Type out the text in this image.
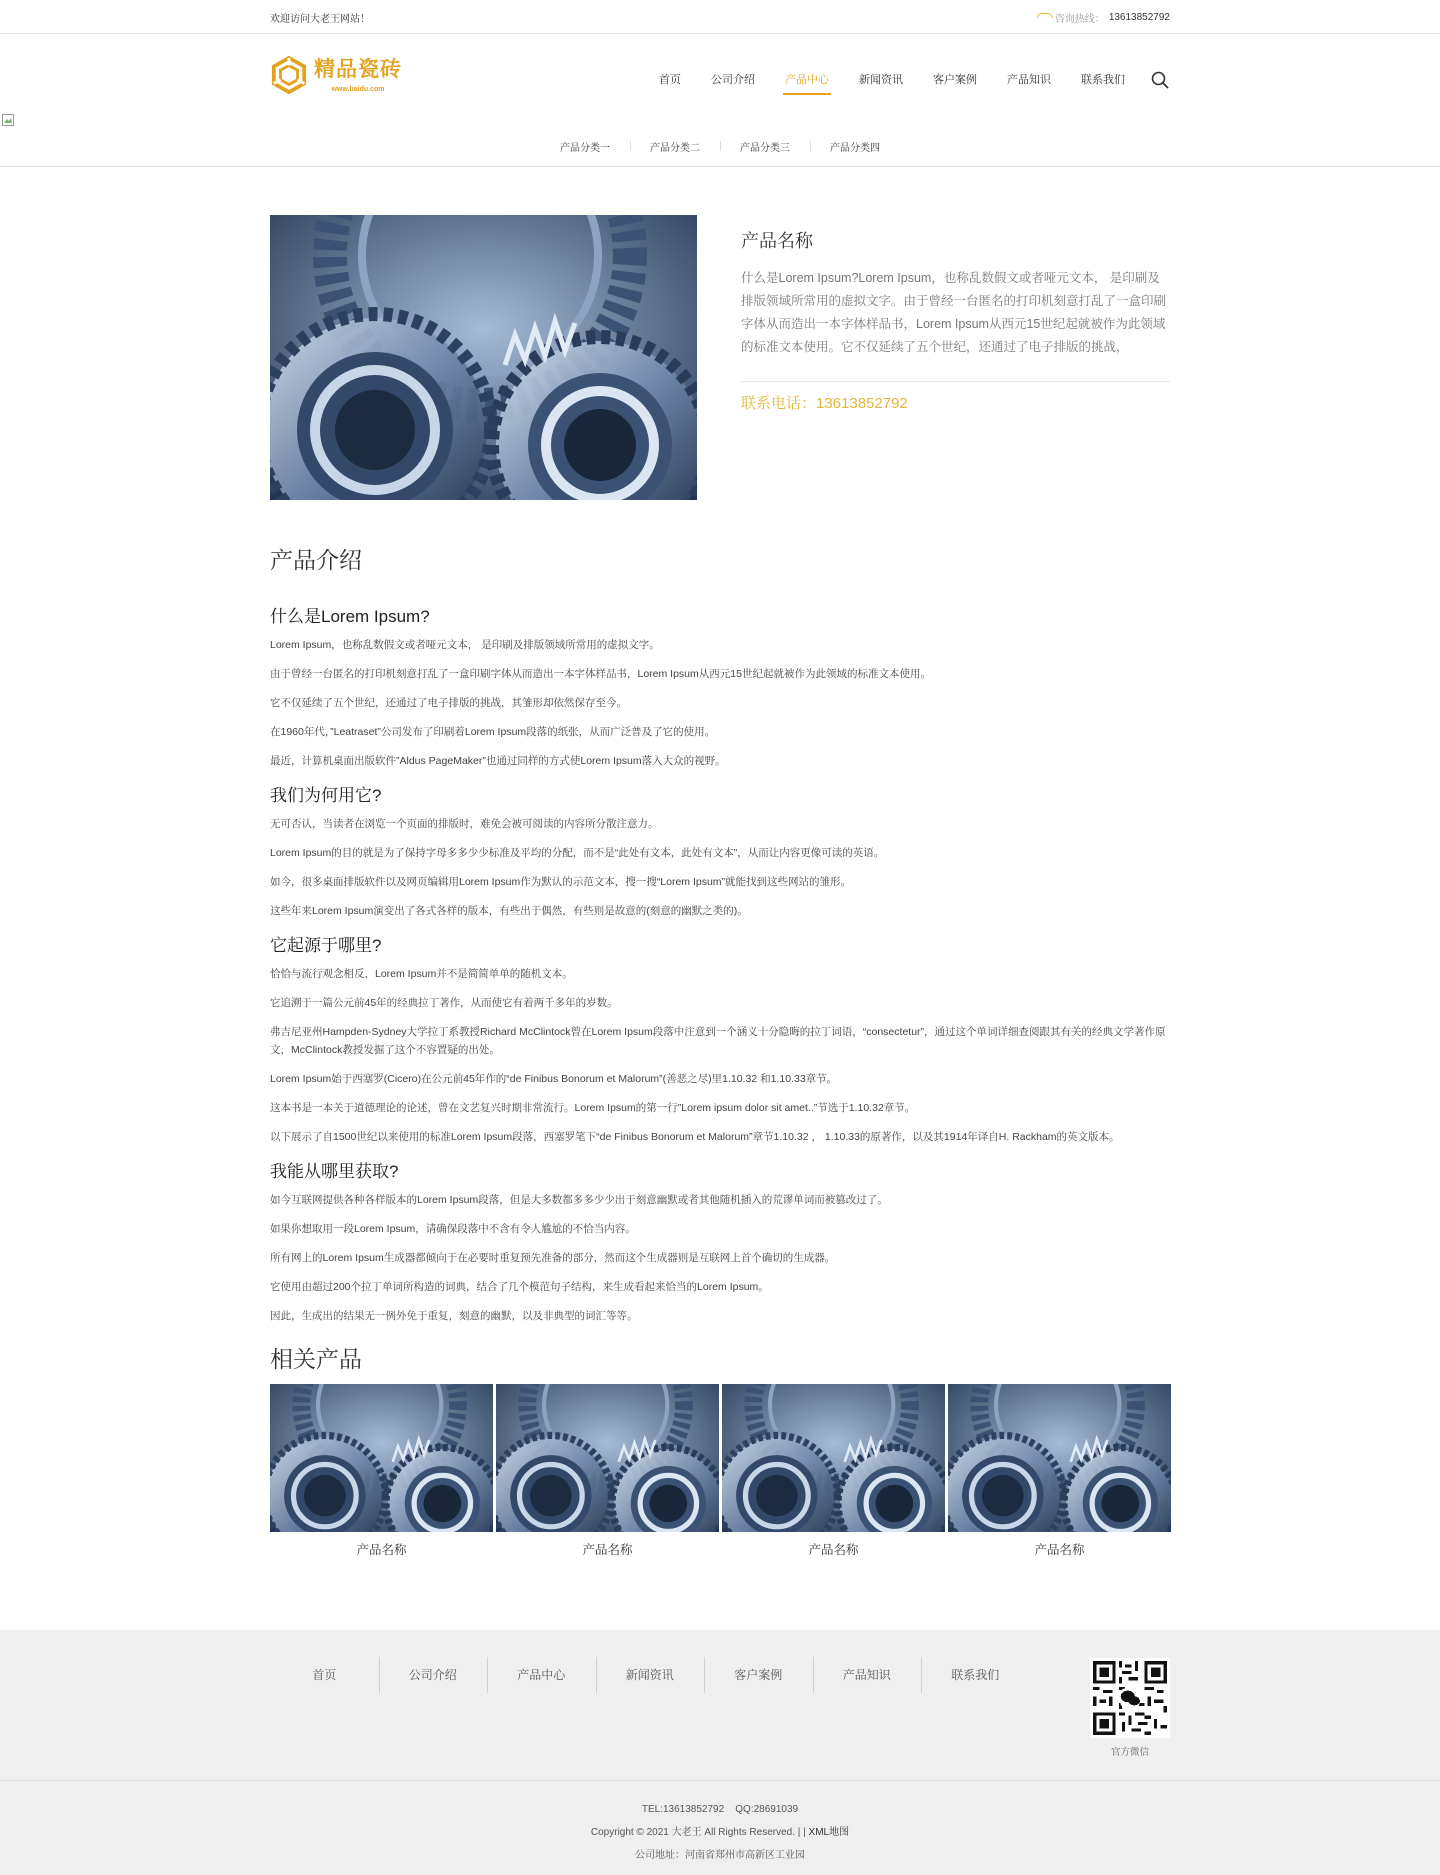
欢迎访问大老王网站！	咨询热线： 13613852792
精品瓷砖
www.baidu.com
首页	公司介绍	产品中心	新闻资讯	客户案例	产品知识	联系我们
产品分类一	产品分类二	产品分类三	产品分类四
产品名称

什么是Lorem Ipsum?Lorem Ipsum，也称乱数假文或者哑元文本， 是印刷及排版领域所常用的虚拟文字。由于曾经一台匿名的打印机刻意打乱了一盒印刷字体从而造出一本字体样品书，Lorem Ipsum从西元15世纪起就被作为此领域的标准文本使用。它不仅延续了五个世纪，还通过了电子排版的挑战，

联系电话：13613852792
产品介绍
什么是Lorem Ipsum?

Lorem Ipsum，也称乱数假文或者哑元文本， 是印刷及排版领域所常用的虚拟文字。

由于曾经一台匿名的打印机刻意打乱了一盒印刷字体从而造出一本字体样品书，Lorem Ipsum从西元15世纪起就被作为此领域的标准文本使用。

它不仅延续了五个世纪，还通过了电子排版的挑战，其雏形却依然保存至今。

在1960年代，”Leatraset”公司发布了印刷着Lorem Ipsum段落的纸张，从而广泛普及了它的使用。

最近，计算机桌面出版软件”Aldus PageMaker”也通过同样的方式使Lorem Ipsum落入大众的视野。

我们为何用它?

无可否认，当读者在浏览一个页面的排版时，难免会被可阅读的内容所分散注意力。

Lorem Ipsum的目的就是为了保持字母多多少少标准及平均的分配，而不是“此处有文本，此处有文本”，从而让内容更像可读的英语。

如今，很多桌面排版软件以及网页编辑用Lorem Ipsum作为默认的示范文本，搜一搜“Lorem Ipsum”就能找到这些网站的雏形。

这些年来Lorem Ipsum演变出了各式各样的版本，有些出于偶然，有些则是故意的(刻意的幽默之类的)。

它起源于哪里?

恰恰与流行观念相反，Lorem Ipsum并不是简简单单的随机文本。

它追溯于一篇公元前45年的经典拉丁著作，从而使它有着两千多年的岁数。

弗吉尼亚州Hampden-Sydney大学拉丁系教授Richard McClintock曾在Lorem Ipsum段落中注意到一个涵义十分隐晦的拉丁词语，“consectetur”，通过这个单词详细查阅跟其有关的经典文学著作原文，McClintock教授发掘了这个不容置疑的出处。

Lorem Ipsum始于西塞罗(Cicero)在公元前45年作的“de Finibus Bonorum et Malorum”(善恶之尽)里1.10.32 和1.10.33章节。

这本书是一本关于道德理论的论述，曾在文艺复兴时期非常流行。Lorem Ipsum的第一行”Lorem ipsum dolor sit amet..”节选于1.10.32章节。

以下展示了自1500世纪以来使用的标准Lorem Ipsum段落，西塞罗笔下“de Finibus Bonorum et Malorum”章节1.10.32 ， 1.10.33的原著作，以及其1914年译自H. Rackham的英文版本。

我能从哪里获取?

如今互联网提供各种各样版本的Lorem Ipsum段落，但是大多数都多多少少出于刻意幽默或者其他随机插入的荒谬单词而被篡改过了。

如果你想取用一段Lorem Ipsum，请确保段落中不含有令人尴尬的不恰当内容。

所有网上的Lorem Ipsum生成器都倾向于在必要时重复预先准备的部分，然而这个生成器则是互联网上首个确切的生成器。

它使用由超过200个拉丁单词所构造的词典，结合了几个模范句子结构，来生成看起来恰当的Lorem Ipsum。

因此，生成出的结果无一例外免于重复，刻意的幽默，以及非典型的词汇等等。

相关产品
产品名称	产品名称	产品名称	产品名称
首页	公司介绍	产品中心	新闻资讯	客户案例	产品知识	联系我们
官方微信
TEL:13613852792    QQ:28691039
Copyright © 2021 大老王 All Rights Reserved. | | XML地图
公司地址：河南省郑州市高新区工业园
